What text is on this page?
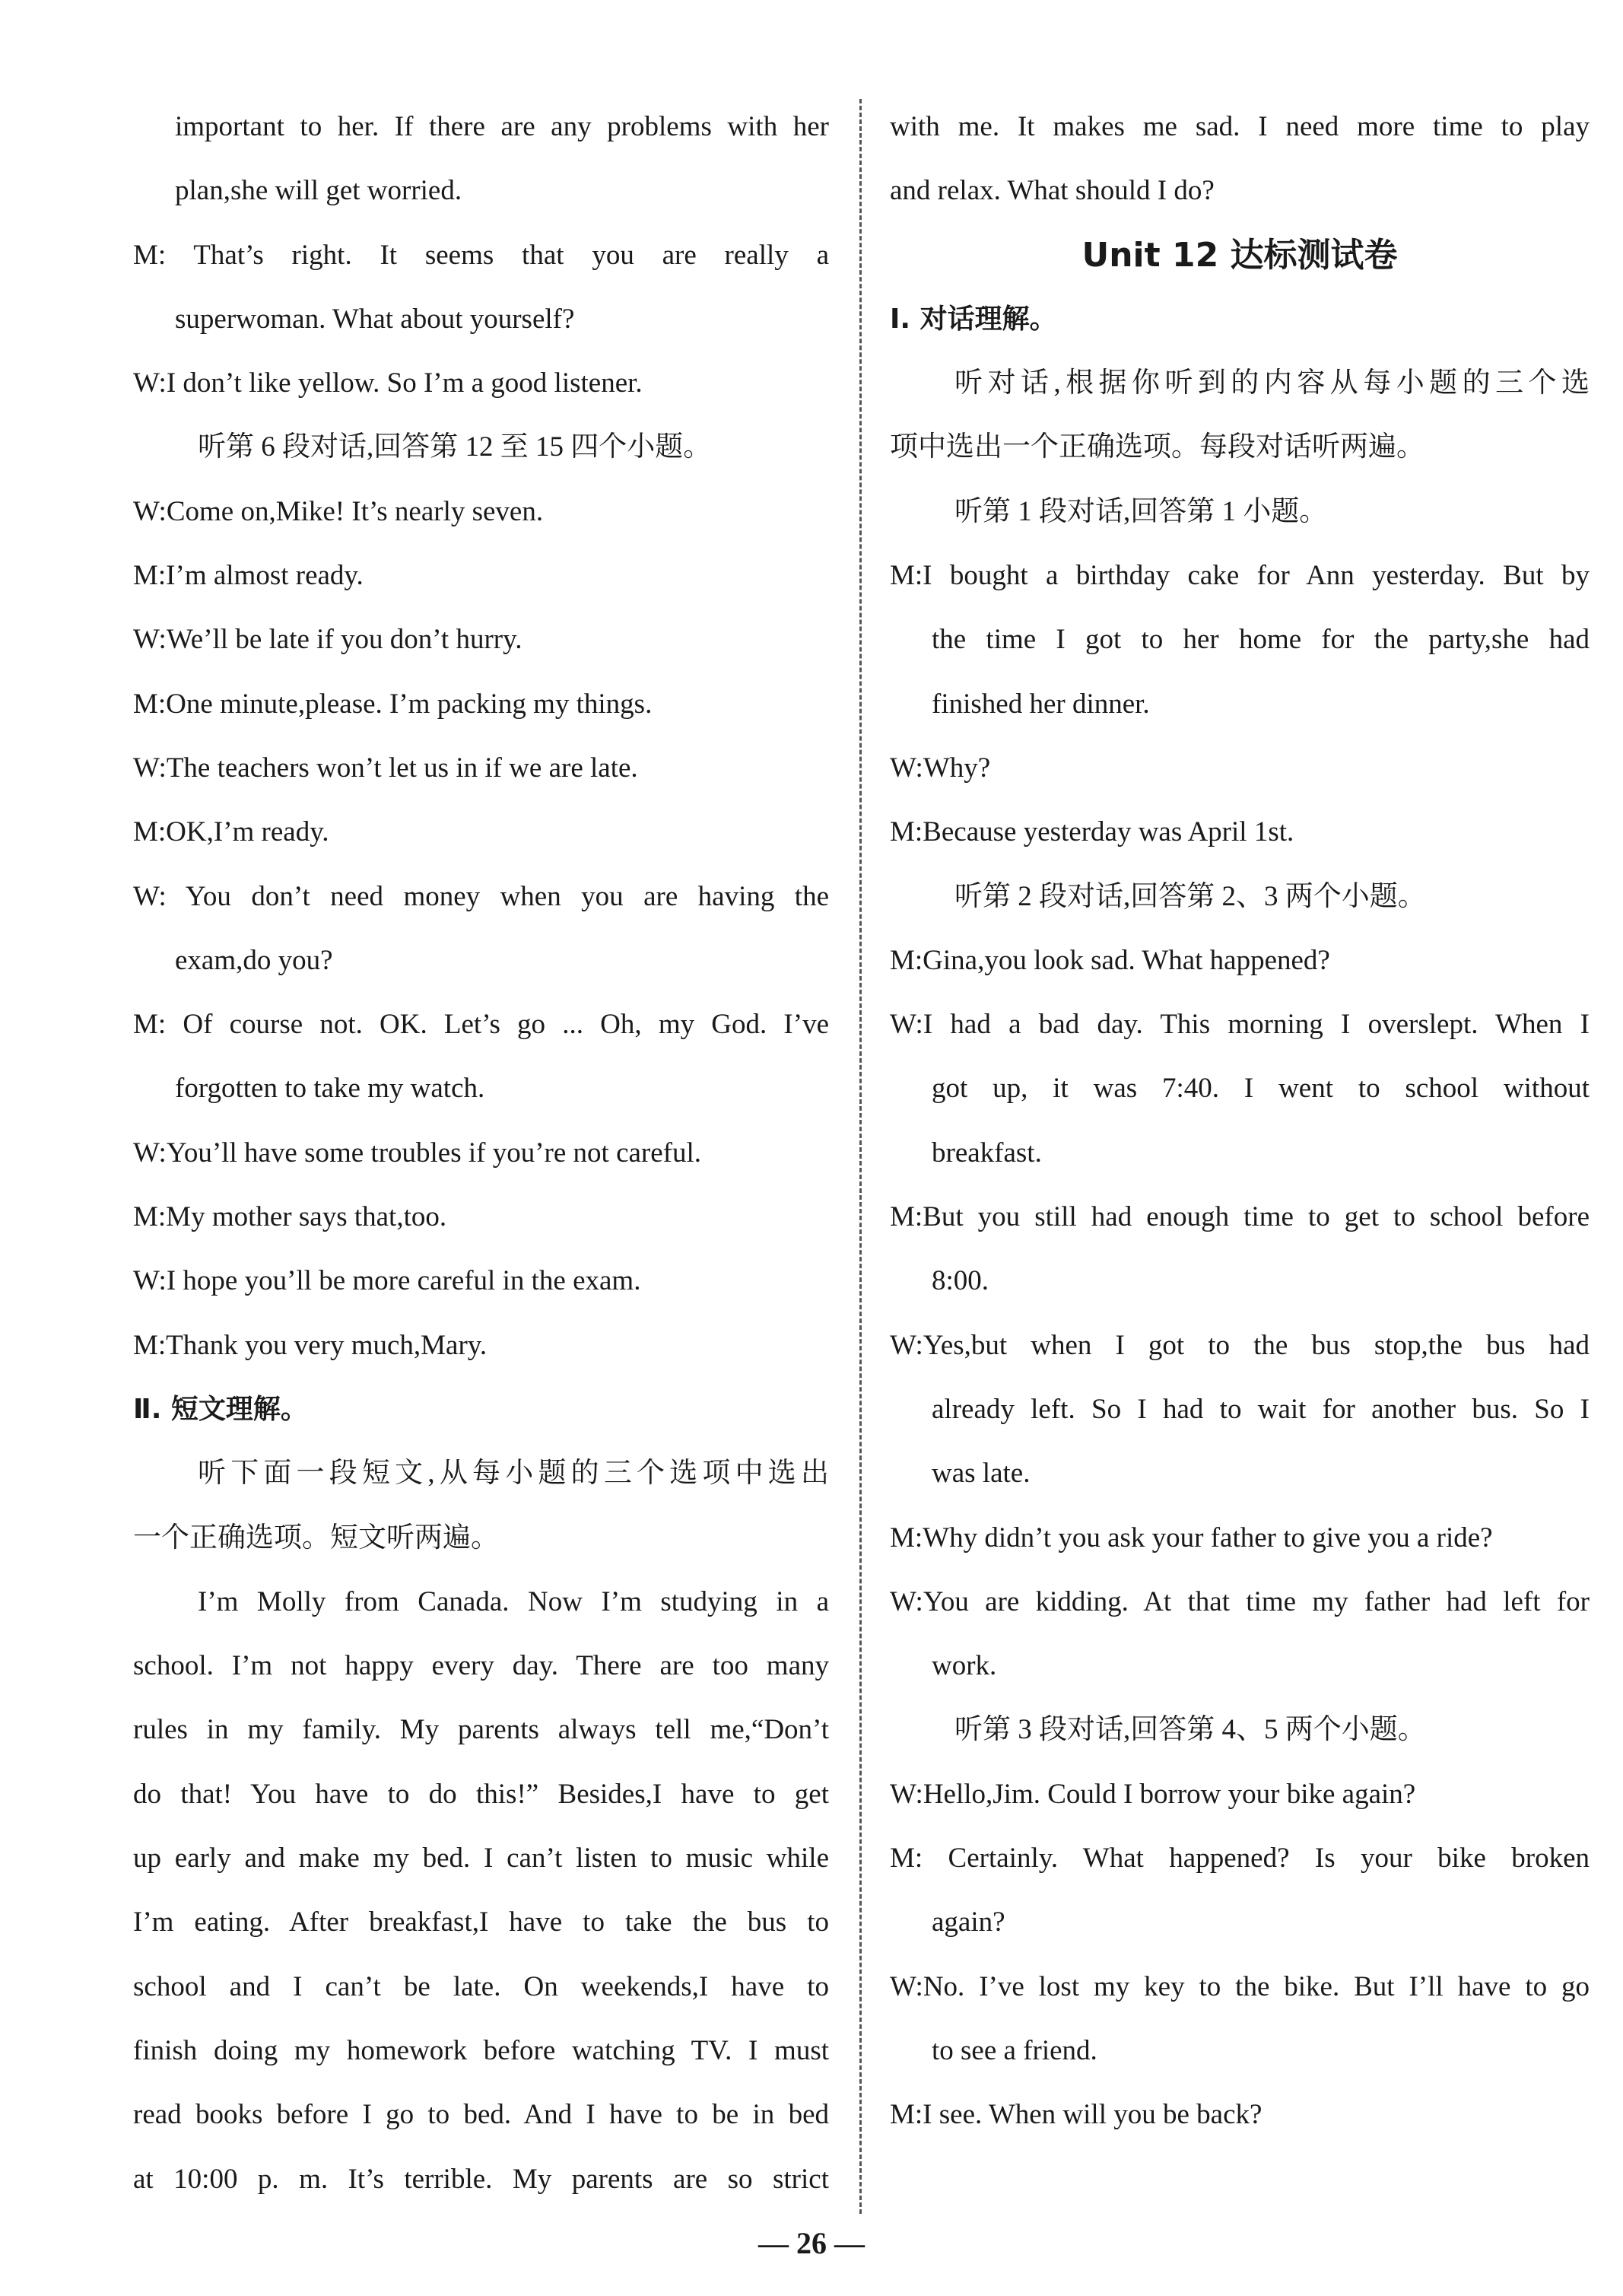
important to her. If there are any problems with her
plan,she will get worried.
M: That’s right. It seems that you are really a
superwoman. What about yourself?
W:I don’t like yellow. So I’m a good listener.
听第 6 段对话,回答第 12 至 15 四个小题。
W:Come on,Mike! It’s nearly seven.
M:I’m almost ready.
W:We’ll be late if you don’t hurry.
M:One minute,please. I’m packing my things.
W:The teachers won’t let us in if we are late.
M:OK,I’m ready.
W: You don’t need money when you are having the
exam,do you?
M: Of course not. OK. Let’s go ... Oh, my God. I’ve
forgotten to take my watch.
W:You’ll have some troubles if you’re not careful.
M:My mother says that,too.
W:I hope you’ll be more careful in the exam.
M:Thank you very much,Mary.
Ⅱ. 短文理解。
听下面一段短文,从每小题的三个选项中选出
一个正确选项。短文听两遍。
I’m Molly from Canada. Now I’m studying in a
school. I’m not happy every day. There are too many
rules in my family. My parents always tell me,“Don’t
do that! You have to do this!” Besides,I have to get
up early and make my bed. I can’t listen to music while
I’m eating. After breakfast,I have to take the bus to
school and I can’t be late. On weekends,I have to
finish doing my homework before watching TV. I must
read books before I go to bed. And I have to be in bed
at 10:00 p. m. It’s terrible. My parents are so strict
with me. It makes me sad. I need more time to play
and relax. What should I do?
Unit 12 达标测试卷
Ⅰ. 对话理解。
听对话,根据你听到的内容从每小题的三个选
项中选出一个正确选项。每段对话听两遍。
听第 1 段对话,回答第 1 小题。
M:I bought a birthday cake for Ann yesterday. But by
the time I got to her home for the party,she had
finished her dinner.
W:Why?
M:Because yesterday was April 1st.
听第 2 段对话,回答第 2、3 两个小题。
M:Gina,you look sad. What happened?
W:I had a bad day. This morning I overslept. When I
got up, it was 7:40. I went to school without
breakfast.
M:But you still had enough time to get to school before
8:00.
W:Yes,but when I got to the bus stop,the bus had
already left. So I had to wait for another bus. So I
was late.
M:Why didn’t you ask your father to give you a ride?
W:You are kidding. At that time my father had left for
work.
听第 3 段对话,回答第 4、5 两个小题。
W:Hello,Jim. Could I borrow your bike again?
M: Certainly. What happened? Is your bike broken
again?
W:No. I’ve lost my key to the bike. But I’ll have to go
to see a friend.
M:I see. When will you be back?
— 26 —
